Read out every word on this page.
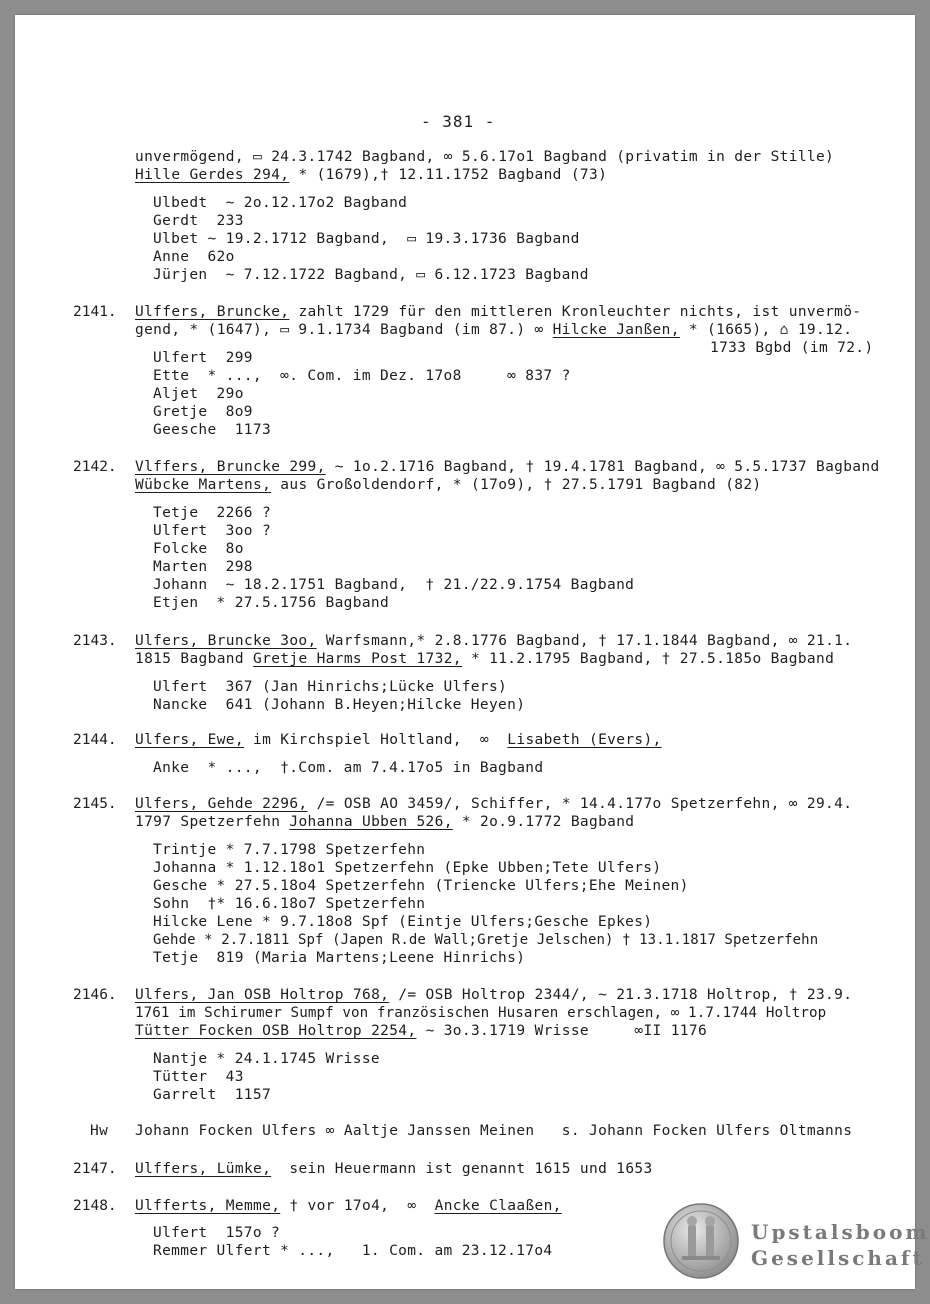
- 381 -
unvermögend, ▭ 24.3.1742 Bagband, ∞ 5.6.17o1 Bagband (privatim in der Stille)
Hille Gerdes 294, * (1679),† 12.11.1752 Bagband (73)
Ulbedt  ~ 2o.12.17o2 Bagband
Gerdt  233
Ulbet ~ 19.2.1712 Bagband,  ▭ 19.3.1736 Bagband
Anne  62o
Jürjen  ~ 7.12.1722 Bagband, ▭ 6.12.1723 Bagband
2141. Ulffers, Bruncke, zahlt 1729 für den mittleren Kronleuchter nichts, ist unvermö-
gend, * (1647), ▭ 9.1.1734 Bagband (im 87.) ∞ Hilcke Janßen, * (1665), ⌂ 19.12.
1733 Bgbd (im 72.)
Ulfert  299
Ette  * ...,  ∞. Com. im Dez. 17o8     ∞ 837 ?
Aljet  29o
Gretje  8o9
Geesche  1173
2142. Vlffers, Bruncke 299, ~ 1o.2.1716 Bagband, † 19.4.1781 Bagband, ∞ 5.5.1737 Bagband
Wübcke Martens, aus Großoldendorf, * (17o9), † 27.5.1791 Bagband (82)
Tetje  2266 ?
Ulfert  3oo ?
Folcke  8o
Marten  298
Johann  ~ 18.2.1751 Bagband,  † 21./22.9.1754 Bagband
Etjen  * 27.5.1756 Bagband
2143. Ulfers, Bruncke 3oo, Warfsmann,* 2.8.1776 Bagband, † 17.1.1844 Bagband, ∞ 21.1.
1815 Bagband Gretje Harms Post 1732, * 11.2.1795 Bagband, † 27.5.185o Bagband
Ulfert  367 (Jan Hinrichs;Lücke Ulfers)
Nancke  641 (Johann B.Heyen;Hilcke Heyen)
2144. Ulfers, Ewe, im Kirchspiel Holtland,  ∞  Lisabeth (Evers),
Anke  * ...,  †.Com. am 7.4.17o5 in Bagband
2145. Ulfers, Gehde 2296, /= OSB AO 3459/, Schiffer, * 14.4.177o Spetzerfehn, ∞ 29.4.
1797 Spetzerfehn Johanna Ubben 526, * 2o.9.1772 Bagband
Trintje * 7.7.1798 Spetzerfehn
Johanna * 1.12.18o1 Spetzerfehn (Epke Ubben;Tete Ulfers)
Gesche * 27.5.18o4 Spetzerfehn (Triencke Ulfers;Ehe Meinen)
Sohn  †* 16.6.18o7 Spetzerfehn
Hilcke Lene * 9.7.18o8 Spf (Eintje Ulfers;Gesche Epkes)
Gehde * 2.7.1811 Spf (Japen R.de Wall;Gretje Jelschen) † 13.1.1817 Spetzerfehn
Tetje  819 (Maria Martens;Leene Hinrichs)
2146. Ulfers, Jan OSB Holtrop 768, /= OSB Holtrop 2344/, ~ 21.3.1718 Holtrop, † 23.9.
1761 im Schirumer Sumpf von französischen Husaren erschlagen, ∞ 1.7.1744 Holtrop
Tütter Focken OSB Holtrop 2254, ~ 3o.3.1719 Wrisse     ∞II 1176
Nantje * 24.1.1745 Wrisse
Tütter  43
Garrelt  1157
Hw Johann Focken Ulfers ∞ Aaltje Janssen Meinen   s. Johann Focken Ulfers Oltmanns
2147. Ulffers, Lümke,  sein Heuermann ist genannt 1615 und 1653
2148. Ulfferts, Memme, † vor 17o4,  ∞  Ancke Claaßen,
Ulfert  157o ?
Remmer Ulfert * ...,   1. Com. am 23.12.17o4
Upstalsboom
Gesellschaft
